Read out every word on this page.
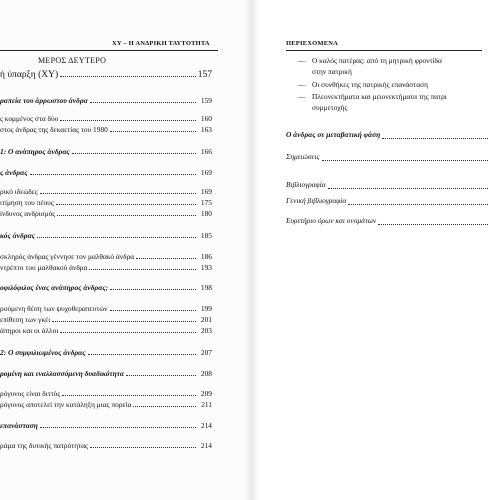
XY – Η ΑΝΔΡΙΚΗ ΤΑΥΤΟΤΗΤΑ
ΜΕΡΟΣ ΔΕΥΤΕΡΟ
ή ύπαρξη (XY)	157
ραπεία του άρρωστου άνδρα	159
ς κομμένος στα δύο	160
στος άνδρας της δεκαετίας του 1980	163
1: Ο ανάπηρος άνδρας	166
ς άνδρας	169
ρικό ιδεώδες	169
ιτίμηση του πέους	175
ίνδυνος ανδρισμός	180
κός άνδρας	185
σκληρός άνδρας γέννησε τον μαλθακό άνδρα	186
ντρέπτο του μαλθακού άνδρα	193
οφιλόφιλος ένας ανάπηρος άνδρας;	198
ρούμενη θέση των ψυχοθεραπευτών	199
επίθεση των γκέι	201
άπηροι και οι άλλοι	203
2: Ο συμφιλιωμένος άνδρας	207
ρομένη και εναλλασσόμενη δυαδικότητα	208
ρόγυνος είναι διττός	209
ρόγυνος αποτελεί την κατάληξη μιας πορεία	211
επανάσταση	214
ράμα της δυτικής πατρότητας	214
ΠΕΡΙΕΧΟΜΕΝΑ
— Ο καλός πατέρας: από τη μητρική φροντίδα
στην πατρική
— Οι συνθήκες της πατρικής επανάσταση
— Πλεονεκτήματα και μειονεκτήματα της πατρι
συμμετοχής
Ο άνδρας σε μεταβατική φάση
Σημειώσεις
Βιβλιογραφία
Γενική βιβλιογραφία
Ευρετήριο όρων και ονομάτων
